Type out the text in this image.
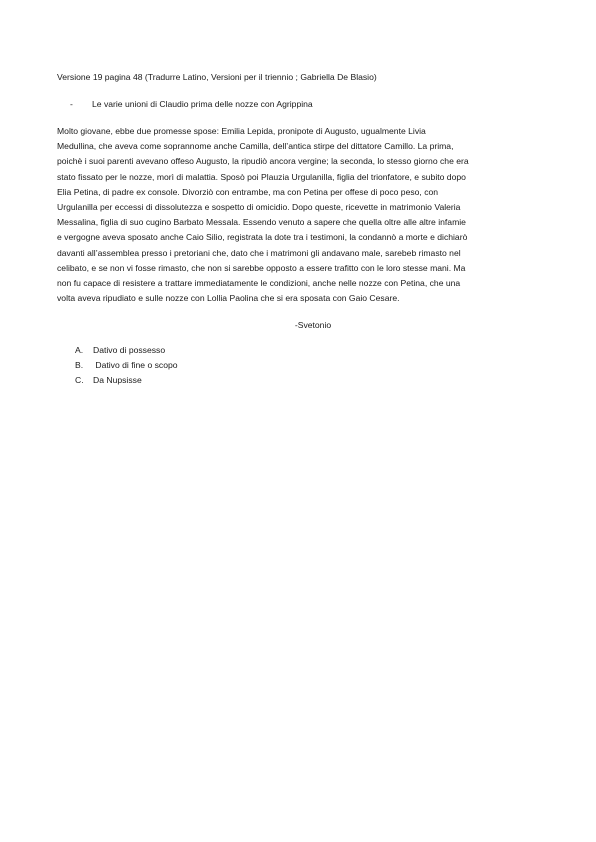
Versione 19 pagina 48 (Tradurre Latino, Versioni per il triennio ; Gabriella De Blasio)
- Le varie unioni di Claudio prima delle nozze con Agrippina
Molto giovane, ebbe due promesse spose: Emilia Lepida, pronipote di Augusto, ugualmente Livia
Medullina, che aveva come soprannome anche Camilla, dell’antica stirpe del dittatore Camillo. La prima,
poichè i suoi parenti avevano offeso Augusto, la ripudiò ancora vergine; la seconda, lo stesso giorno che era
stato fissato per le nozze, morì di malattia. Sposò poi Plauzia Urgulanilla, figlia del trionfatore, e subito dopo
Elia Petina, di padre ex console. Divorziò con entrambe, ma con Petina per offese di poco peso, con
Urgulanilla per eccessi di dissolutezza e sospetto di omicidio. Dopo queste, ricevette in matrimonio Valeria
Messalina, figlia di suo cugino Barbato Messala. Essendo venuto a sapere che quella oltre alle altre infamie
e vergogne aveva sposato anche Caio Silio, registrata la dote tra i testimoni, la condannò a morte e dichiarò
davanti all’assemblea presso i pretoriani che, dato che i matrimoni gli andavano male, sarebeb rimasto nel
celibato, e se non vi fosse rimasto, che non si sarebbe opposto a essere trafitto con le loro stesse mani. Ma
non fu capace di resistere a trattare immediatamente le condizioni, anche nelle nozze con Petina, che una
volta aveva ripudiato e sulle nozze con Lollia Paolina che si era sposata con Gaio Cesare.
-Svetonio
A. Dativo di possesso
B. Dativo di fine o scopo
C. Da Nupsisse
